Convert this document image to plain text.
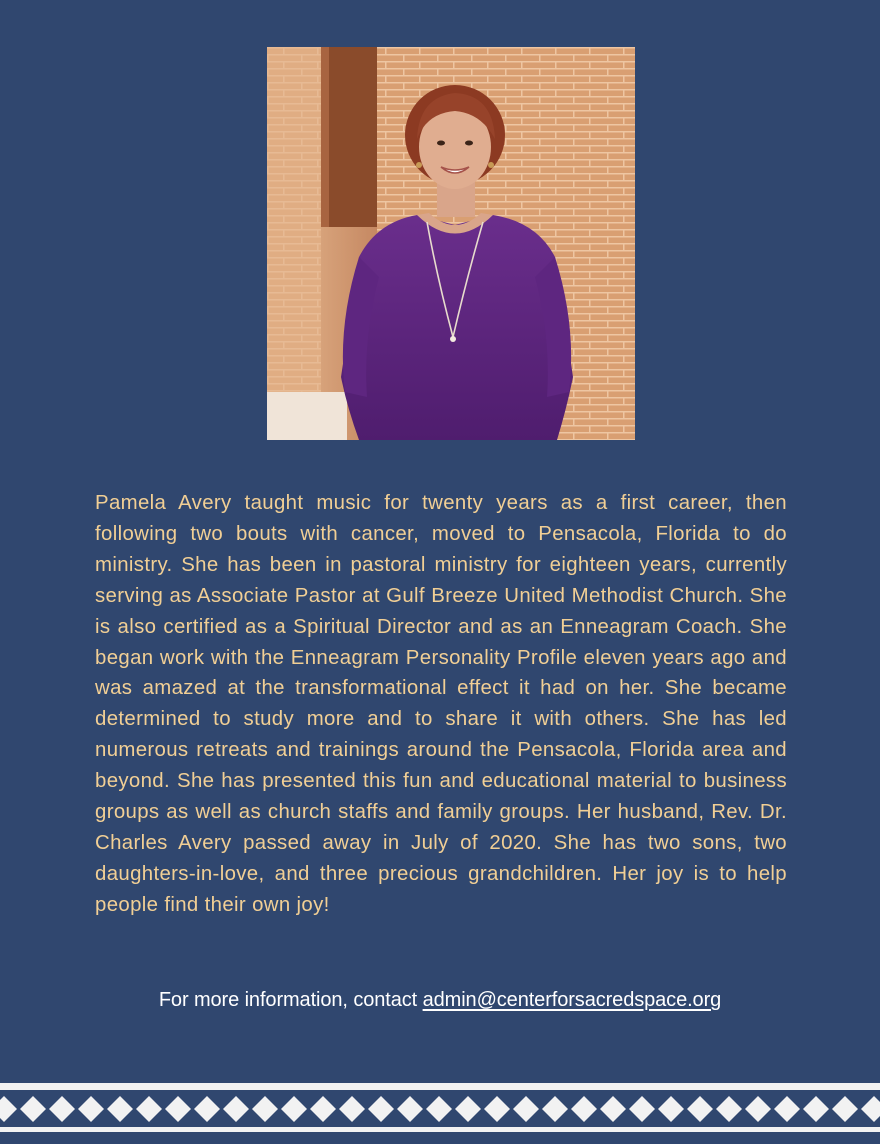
Pamela Avery taught music for twenty years as a first career, then following two bouts with cancer, moved to Pensacola, Florida to do ministry. She has been in pastoral ministry for eighteen years, currently serving as Associate Pastor at Gulf Breeze United Methodist Church. She is also certified as a Spiritual Director and as an Enneagram Coach. She began work with the Enneagram Personality Profile eleven years ago and was amazed at the transformational effect it had on her. She became determined to study more and to share it with others. She has led numerous retreats and trainings around the Pensacola, Florida area and beyond. She has presented this fun and educational material to business groups as well as church staffs and family groups. Her husband, Rev. Dr. Charles Avery passed away in July of 2020. She has two sons, two daughters-in-love, and three precious grandchildren. Her joy is to help people find their own joy!

For more information, contact admin@centerforsacredspace.org
